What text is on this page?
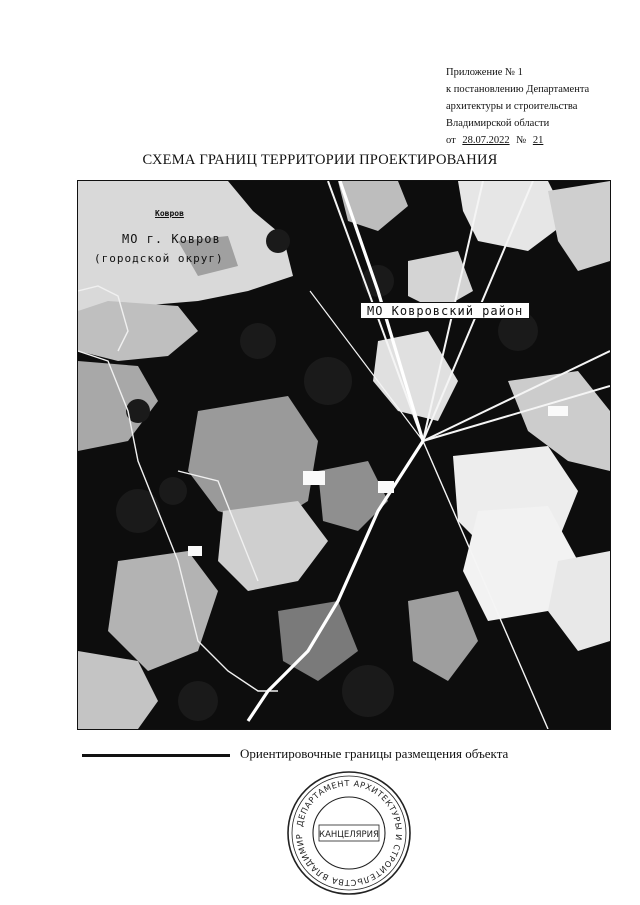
Приложение № 1
к постановлению Департамента
архитектуры и строительства
Владимирской области
от 28.07.2022 № 21
СХЕМА ГРАНИЦ ТЕРРИТОРИИ ПРОЕКТИРОВАНИЯ
Ковров
МО г. Ковров
(городской округ)
МО Ковровский район
Ориентировочные границы размещения объекта
ДЕПАРТАМЕНТ АРХИТЕКТУРЫ И СТРОИТЕЛЬСТВА ВЛАДИМИР	КАНЦЕЛЯРИЯ
